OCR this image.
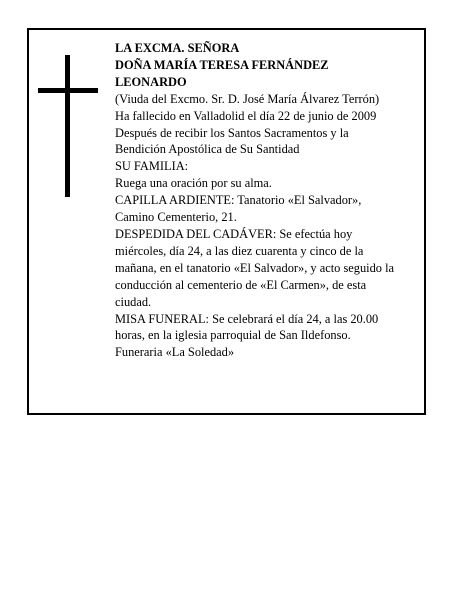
LA EXCMA. SEÑORA
DOÑA MARÍA TERESA FERNÁNDEZ
LEONARDO
(Viuda del Excmo. Sr. D. José María Álvarez Terrón)
Ha fallecido en Valladolid el día 22 de junio de 2009
Después de recibir los Santos Sacramentos y la
Bendición Apostólica de Su Santidad
SU FAMILIA:
Ruega una oración por su alma.
CAPILLA ARDIENTE: Tanatorio «El Salvador»,
Camino Cementerio, 21.
DESPEDIDA DEL CADÁVER: Se efectúa hoy
miércoles, día 24, a las diez cuarenta y cinco de la
mañana, en el tanatorio «El Salvador», y acto seguido la
conducción al cementerio de «El Carmen», de esta
ciudad.
MISA FUNERAL: Se celebrará el día 24, a las 20.00
horas, en la iglesia parroquial de San Ildefonso.
Funeraria «La Soledad»
